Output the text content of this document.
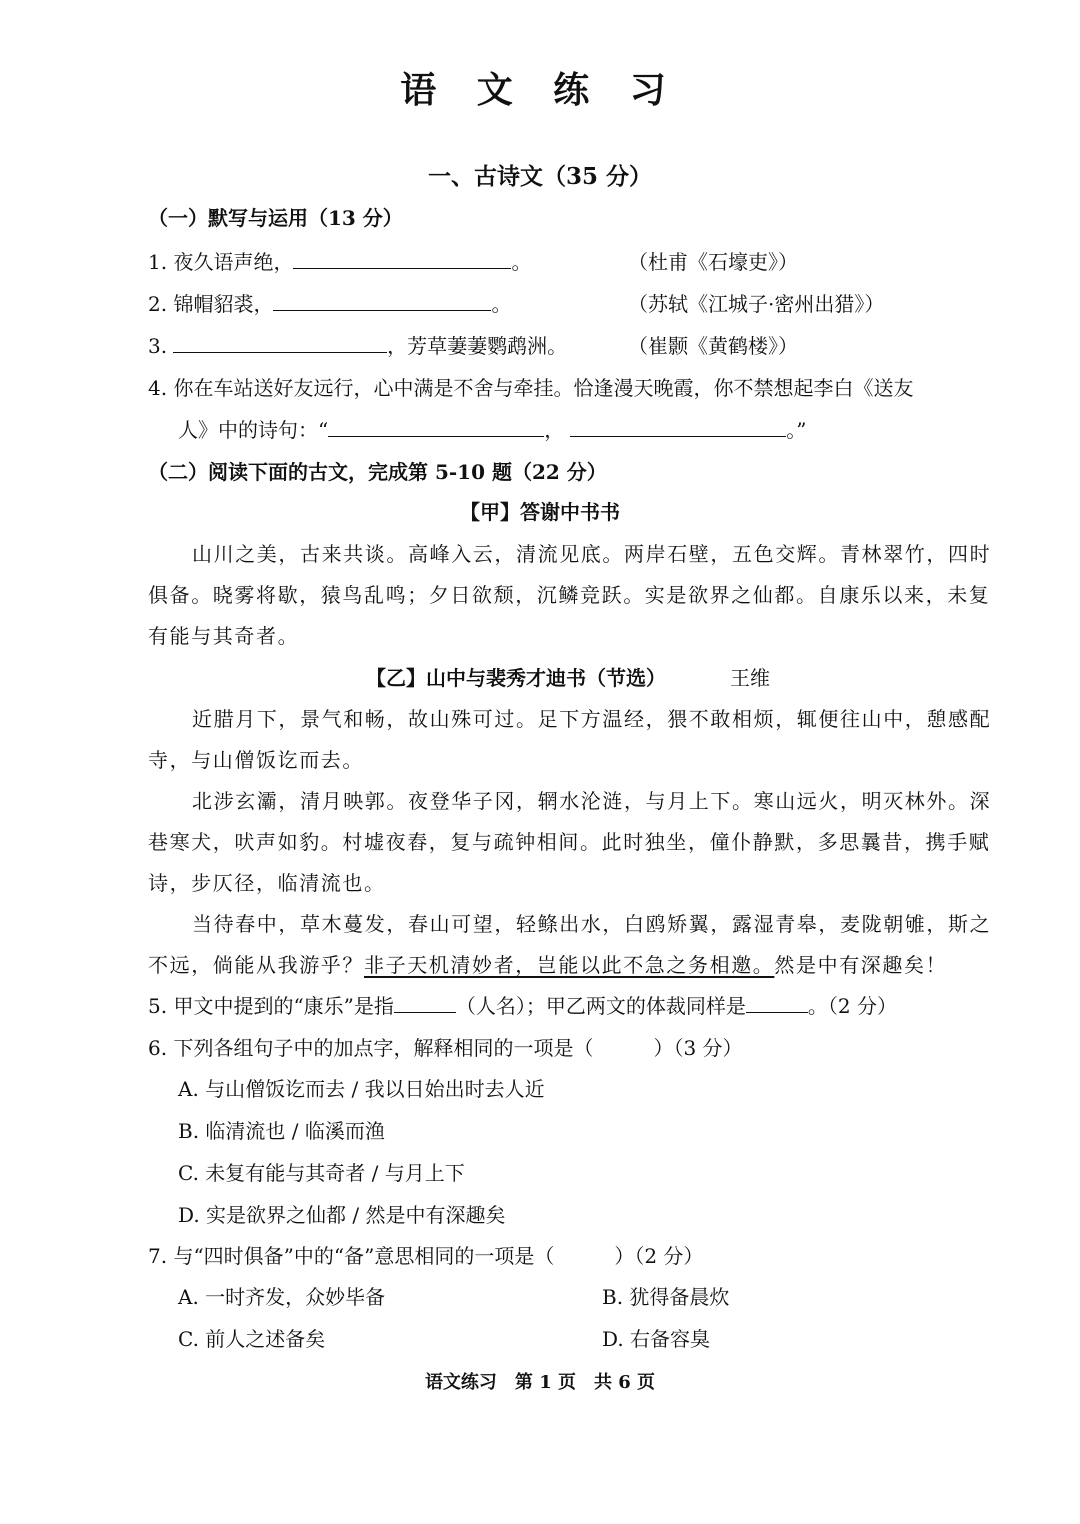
语 文 练 习
一、古诗文（35 分）
（一）默写与运用（13 分）
1. 夜久语声绝，	。	（杜甫《石壕吏》）
2. 锦帽貂裘，	。	（苏轼《江城子·密州出猎》）
3.	，芳草萋萋鹦鹉洲。	（崔颢《黄鹤楼》）
4. 你在车站送好友远行，心中满是不舍与牵挂。恰逢漫天晚霞，你不禁想起李白《送友
人》中的诗句：“	，	。”
（二）阅读下面的古文，完成第 5-10 题（22 分）
【甲】答谢中书书
山川之美，古来共谈。高峰入云，清流见底。两岸石壁，五色交辉。青林翠竹，四时
俱备。晓雾将歇，猿鸟乱鸣；夕日欲颓，沉鳞竞跃。实是欲界之仙都。自康乐以来，未复
有能与其奇者。
【乙】山中与裴秀才迪书（节选）	王维
近腊月下，景气和畅，故山殊可过。足下方温经，猥不敢相烦，辄便往山中，憩感配
寺，与山僧饭讫而去。
北涉玄灞，清月映郭。夜登华子冈，辋水沦涟，与月上下。寒山远火，明灭林外。深
巷寒犬，吠声如豹。村墟夜舂，复与疏钟相间。此时独坐，僮仆静默，多思曩昔，携手赋
诗，步仄径，临清流也。
当待春中，草木蔓发，春山可望，轻鲦出水，白鸥矫翼，露湿青皋，麦陇朝雊，斯之
不远，倘能从我游乎？非子天机清妙者，岂能以此不急之务相邀。然是中有深趣矣！
5. 甲文中提到的“康乐”是指	（人名）；甲乙两文的体裁同样是	。（2 分）
6. 下列各组句子中的加点字，解释相同的一项是（　　　）（3 分）
A. 与山僧饭讫而去 / 我以日始出时去人近
B. 临清流也 / 临溪而渔
C. 未复有能与其奇者 / 与月上下
D. 实是欲界之仙都 / 然是中有深趣矣
7. 与“四时俱备”中的“备”意思相同的一项是（　　　）（2 分）
A. 一时齐发，众妙毕备	B. 犹得备晨炊
C. 前人之述备矣	D. 右备容臭
语文练习　第 1 页　共 6 页
